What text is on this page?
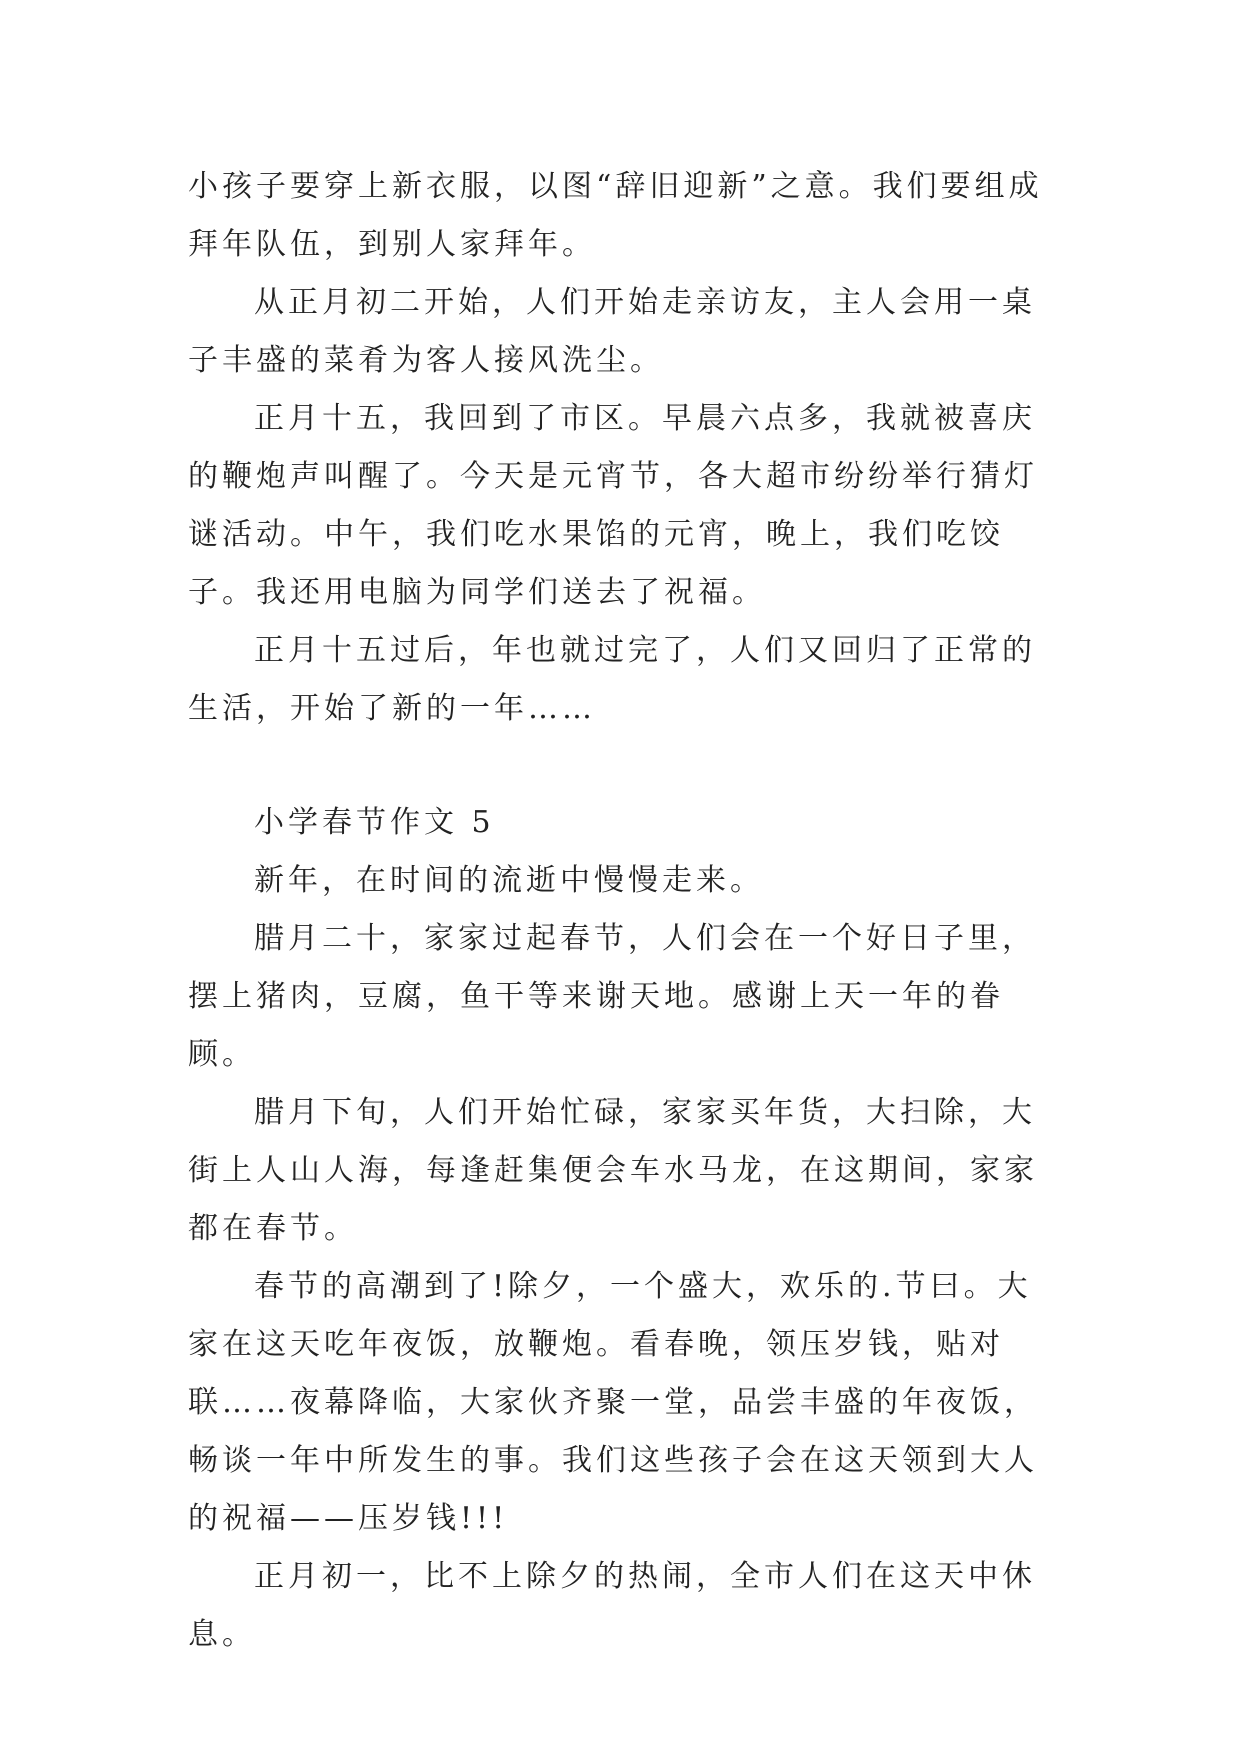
小孩子要穿上新衣服，以图“辞旧迎新”之意。我们要组成拜年队伍，到别人家拜年。

从正月初二开始，人们开始走亲访友，主人会用一桌子丰盛的菜肴为客人接风洗尘。

正月十五，我回到了市区。早晨六点多，我就被喜庆的鞭炮声叫醒了。今天是元宵节，各大超市纷纷举行猜灯谜活动。中午，我们吃水果馅的元宵，晚上，我们吃饺子。我还用电脑为同学们送去了祝福。

正月十五过后，年也就过完了，人们又回归了正常的生活，开始了新的一年……

小学春节作文 5

新年，在时间的流逝中慢慢走来。

腊月二十，家家过起春节，人们会在一个好日子里，摆上猪肉，豆腐，鱼干等来谢天地。感谢上天一年的眷顾。

腊月下旬，人们开始忙碌，家家买年货，大扫除，大街上人山人海，每逢赶集便会车水马龙，在这期间，家家都在春节。

春节的高潮到了!除夕，一个盛大，欢乐的.节曰。大家在这天吃年夜饭，放鞭炮。看春晚，领压岁钱，贴对联……夜幕降临，大家伙齐聚一堂，品尝丰盛的年夜饭，畅谈一年中所发生的事。我们这些孩子会在这天领到大人的祝福——压岁钱!!!

正月初一，比不上除夕的热闹，全市人们在这天中休息。
